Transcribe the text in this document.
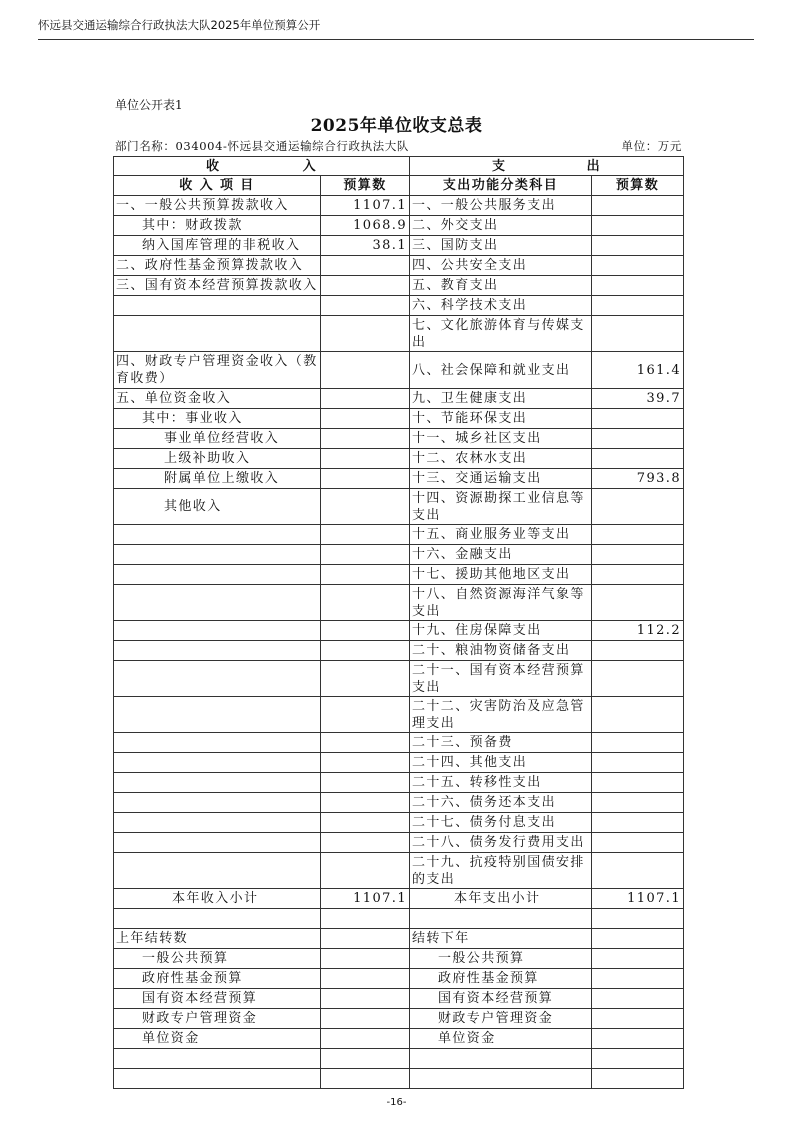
怀远县交通运输综合行政执法大队2025年单位预算公开
单位公开表1
2025年单位收支总表
部门名称：034004-怀远县交通运输综合行政执法大队	单位：万元
收 入		支 出	

收 入 项 目	预算数	支出功能分类科目	预算数
一、一般公共预算拨款收入	1107.1	一、一般公共服务支出	
其中：财政拨款	1068.9	二、外交支出	
纳入国库管理的非税收入	38.1	三、国防支出	
二、政府性基金预算拨款收入		四、公共安全支出	
三、国有资本经营预算拨款收入		五、教育支出	
		六、科学技术支出	
		七、文化旅游体育与传媒支出	
四、财政专户管理资金收入（教育收费）		八、社会保障和就业支出	161.4
五、单位资金收入		九、卫生健康支出	39.7
其中：事业收入		十、节能环保支出	
事业单位经营收入		十一、城乡社区支出	
上级补助收入		十二、农林水支出	
附属单位上缴收入		十三、交通运输支出	793.8
其他收入		十四、资源勘探工业信息等支出	
		十五、商业服务业等支出	
		十六、金融支出	
		十七、援助其他地区支出	
		十八、自然资源海洋气象等支出	
		十九、住房保障支出	112.2
		二十、粮油物资储备支出	
		二十一、国有资本经营预算支出	
		二十二、灾害防治及应急管理支出	
		二十三、预备费	
		二十四、其他支出	
		二十五、转移性支出	
		二十六、债务还本支出	
		二十七、债务付息支出	
		二十八、债务发行费用支出	
		二十九、抗疫特别国债安排的支出	
本年收入小计	1107.1	本年支出小计	1107.1

上年结转数		结转下年	
一般公共预算		一般公共预算	
政府性基金预算		政府性基金预算	
国有资本经营预算		国有资本经营预算	
财政专户管理资金		财政专户管理资金	
单位资金		单位资金	

-16-
